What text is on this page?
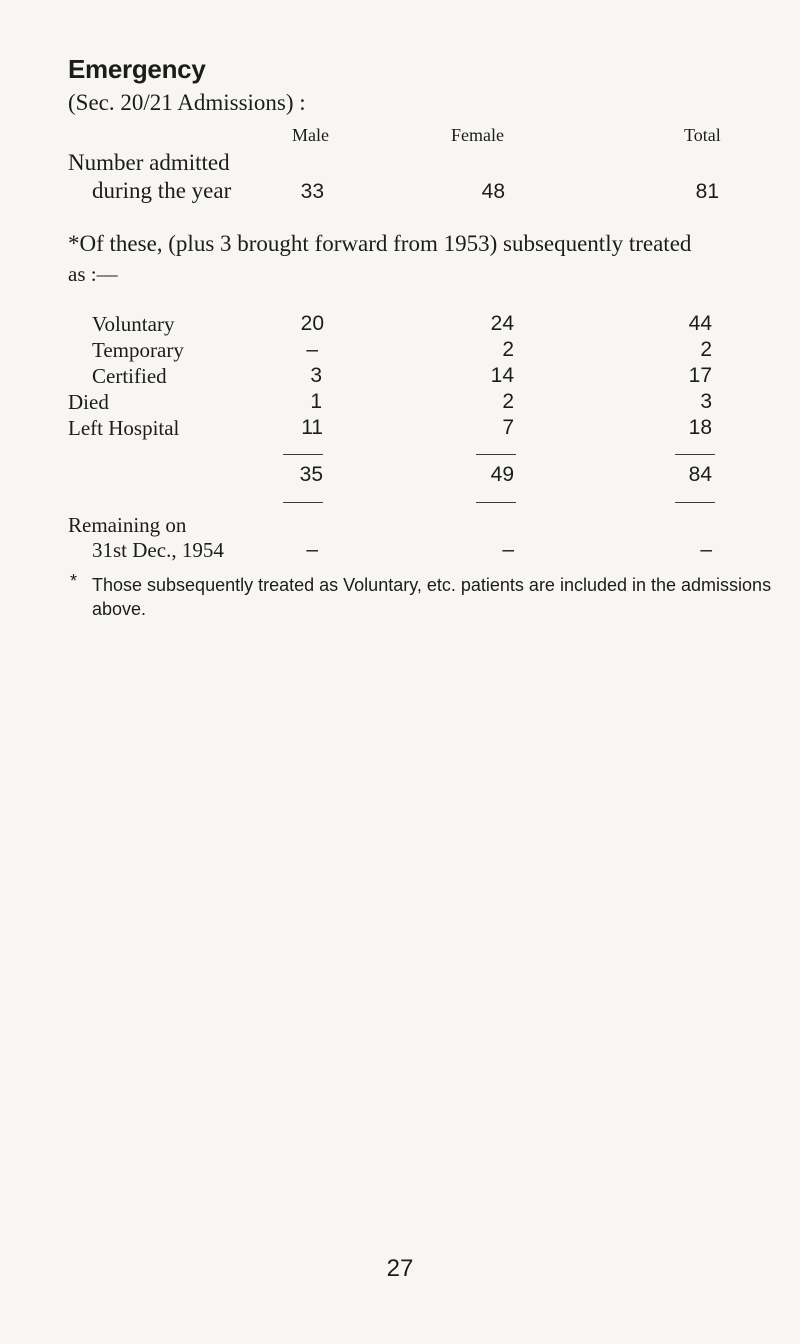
Emergency
(Sec. 20/21 Admissions) :
Male	Female	Total
Number admitted
during the year	33	48	81
*Of these, (plus 3 brought forward from 1953) subsequently treated
as :—
Voluntary	20	24	44
Temporary	–	2	2
Certified	3	14	17
Died	1	2	3
Left Hospital	11	7	18
35	49	84
Remaining on
31st Dec., 1954	–	–	–
* Those subsequently treated as Voluntary, etc. patients are included in the admissions above.
27
